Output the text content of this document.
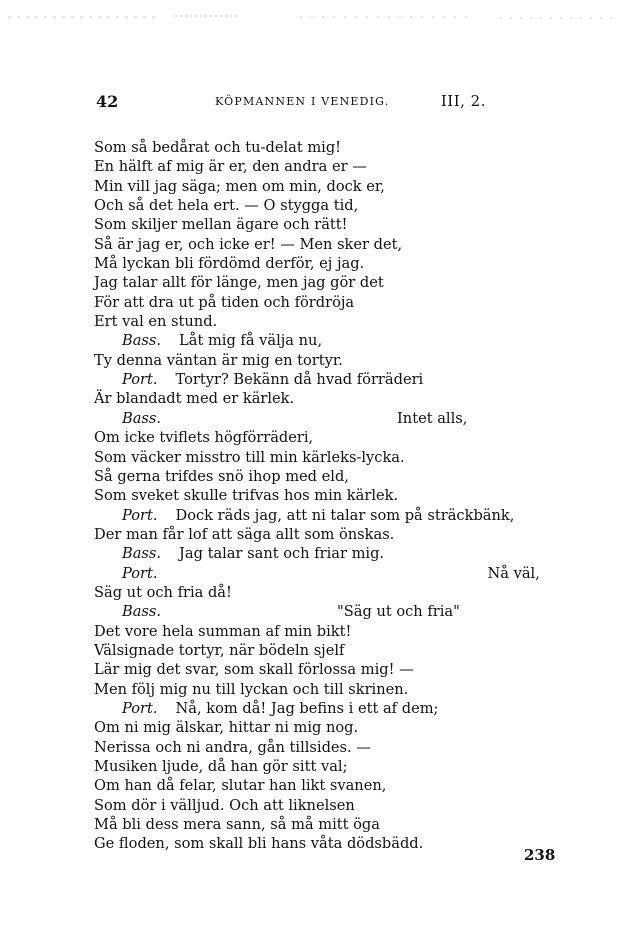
42	KÖPMANNEN I VENEDIG.	III, 2.
Som så bedårat och tu-delat mig!
En hälft af mig är er, den andra er —
Min vill jag säga; men om min, dock er,
Och så det hela ert. — O stygga tid,
Som skiljer mellan ägare och rätt!
Så är jag er, och icke er! — Men sker det,
Må lyckan bli fördömd derför, ej jag.
Jag talar allt för länge, men jag gör det
För att dra ut på tiden och fördröja
Ert val en stund.
Bass. Låt mig få välja nu,
Ty denna väntan är mig en tortyr.
Port. Tortyr? Bekänn då hvad förräderi
Är blandadt med er kärlek.
Bass.	Intet alls,
Om icke tviflets högförräderi,
Som väcker misstro till min kärleks-lycka.
Så gerna trifdes snö ihop med eld,
Som sveket skulle trifvas hos min kärlek.
Port. Dock räds jag, att ni talar som på sträckbänk,
Der man får lof att säga allt som önskas.
Bass. Jag talar sant och friar mig.
Port.	Nå väl,
Säg ut och fria då!
Bass.	"Säg ut och fria"
Det vore hela summan af min bikt!
Välsignade tortyr, när bödeln sjelf
Lär mig det svar, som skall förlossa mig! —
Men följ mig nu till lyckan och till skrinen.
Port. Nå, kom då! Jag befins i ett af dem;
Om ni mig älskar, hittar ni mig nog.
Nerissa och ni andra, gån tillsides. —
Musiken ljude, då han gör sitt val;
Om han då felar, slutar han likt svanen,
Som dör i välljud. Och att liknelsen
Må bli dess mera sann, så må mitt öga
Ge floden, som skall bli hans våta dödsbädd.
238
